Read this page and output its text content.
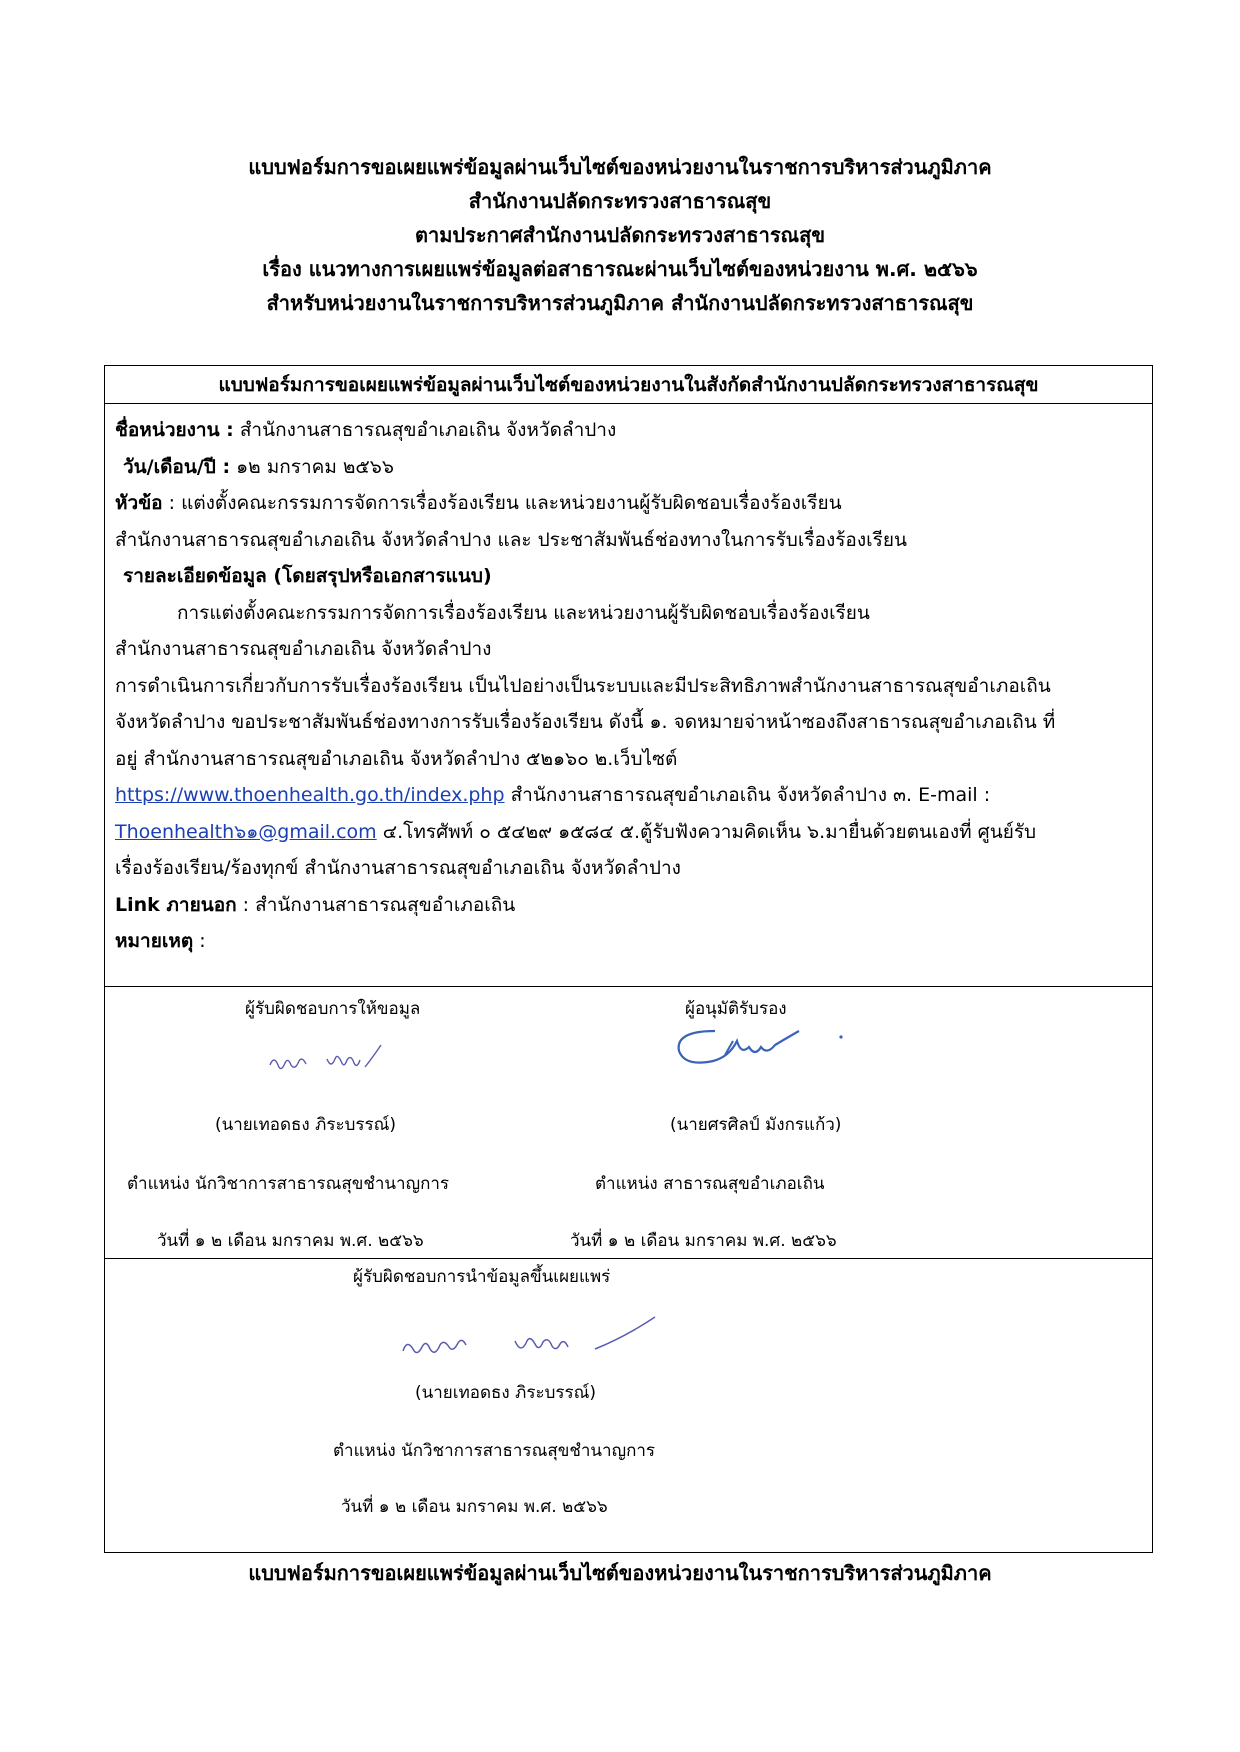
แบบฟอร์มการขอเผยแพร่ข้อมูลผ่านเว็บไซต์ของหน่วยงานในราชการบริหารส่วนภูมิภาค
สำนักงานปลัดกระทรวงสาธารณสุข
ตามประกาศสำนักงานปลัดกระทรวงสาธารณสุข
เรื่อง แนวทางการเผยแพร่ข้อมูลต่อสาธารณะผ่านเว็บไซต์ของหน่วยงาน พ.ศ. ๒๕๖๖
สำหรับหน่วยงานในราชการบริหารส่วนภูมิภาค สำนักงานปลัดกระทรวงสาธารณสุข
แบบฟอร์มการขอเผยแพร่ข้อมูลผ่านเว็บไซต์ของหน่วยงานในสังกัดสำนักงานปลัดกระทรวงสาธารณสุข
ชื่อหน่วยงาน : สำนักงานสาธารณสุขอำเภอเถิน จังหวัดลำปาง
วัน/เดือน/ปี : ๑๒ มกราคม ๒๕๖๖
หัวข้อ : แต่งตั้งคณะกรรมการจัดการเรื่องร้องเรียน และหน่วยงานผู้รับผิดชอบเรื่องร้องเรียน
สำนักงานสาธารณสุขอำเภอเถิน จังหวัดลำปาง และ ประชาสัมพันธ์ช่องทางในการรับเรื่องร้องเรียน
รายละเอียดข้อมูล (โดยสรุปหรือเอกสารแนบ)
การแต่งตั้งคณะกรรมการจัดการเรื่องร้องเรียน และหน่วยงานผู้รับผิดชอบเรื่องร้องเรียน
สำนักงานสาธารณสุขอำเภอเถิน จังหวัดลำปาง
การดำเนินการเกี่ยวกับการรับเรื่องร้องเรียน เป็นไปอย่างเป็นระบบและมีประสิทธิภาพสำนักงานสาธารณสุขอำเภอเถิน
จังหวัดลำปาง ขอประชาสัมพันธ์ช่องทางการรับเรื่องร้องเรียน ดังนี้ ๑. จดหมายจ่าหน้าซองถึงสาธารณสุขอำเภอเถิน ที่
อยู่ สำนักงานสาธารณสุขอำเภอเถิน จังหวัดลำปาง ๕๒๑๖๐ ๒.เว็บไซต์
https://www.thoenhealth.go.th/index.php สำนักงานสาธารณสุขอำเภอเถิน จังหวัดลำปาง ๓. E-mail :
Thoenhealth๖๑@gmail.com ๔.โทรศัพท์ ๐ ๕๔๒๙ ๑๕๘๔ ๕.ตู้รับฟังความคิดเห็น ๖.มายื่นด้วยตนเองที่ ศูนย์รับ
เรื่องร้องเรียน/ร้องทุกข์ สำนักงานสาธารณสุขอำเภอเถิน จังหวัดลำปาง
Link ภายนอก : สำนักงานสาธารณสุขอำเภอเถิน
หมายเหตุ :
ผู้รับผิดชอบการให้ขอมูล
(นายเทอดธง ภิระบรรณ์)
ตำแหน่ง นักวิชาการสาธารณสุขชำนาญการ
วันที่ ๑ ๒ เดือน มกราคม พ.ศ. ๒๕๖๖
ผู้อนุมัติรับรอง
(นายศรศิลป์ มังกรแก้ว)
ตำแหน่ง สาธารณสุขอำเภอเถิน
วันที่ ๑ ๒ เดือน มกราคม พ.ศ. ๒๕๖๖
ผู้รับผิดชอบการนำข้อมูลขึ้นเผยแพร่
(นายเทอดธง ภิระบรรณ์)
ตำแหน่ง นักวิชาการสาธารณสุขชำนาญการ
วันที่ ๑ ๒ เดือน มกราคม พ.ศ. ๒๕๖๖
แบบฟอร์มการขอเผยแพร่ข้อมูลผ่านเว็บไซต์ของหน่วยงานในราชการบริหารส่วนภูมิภาค
